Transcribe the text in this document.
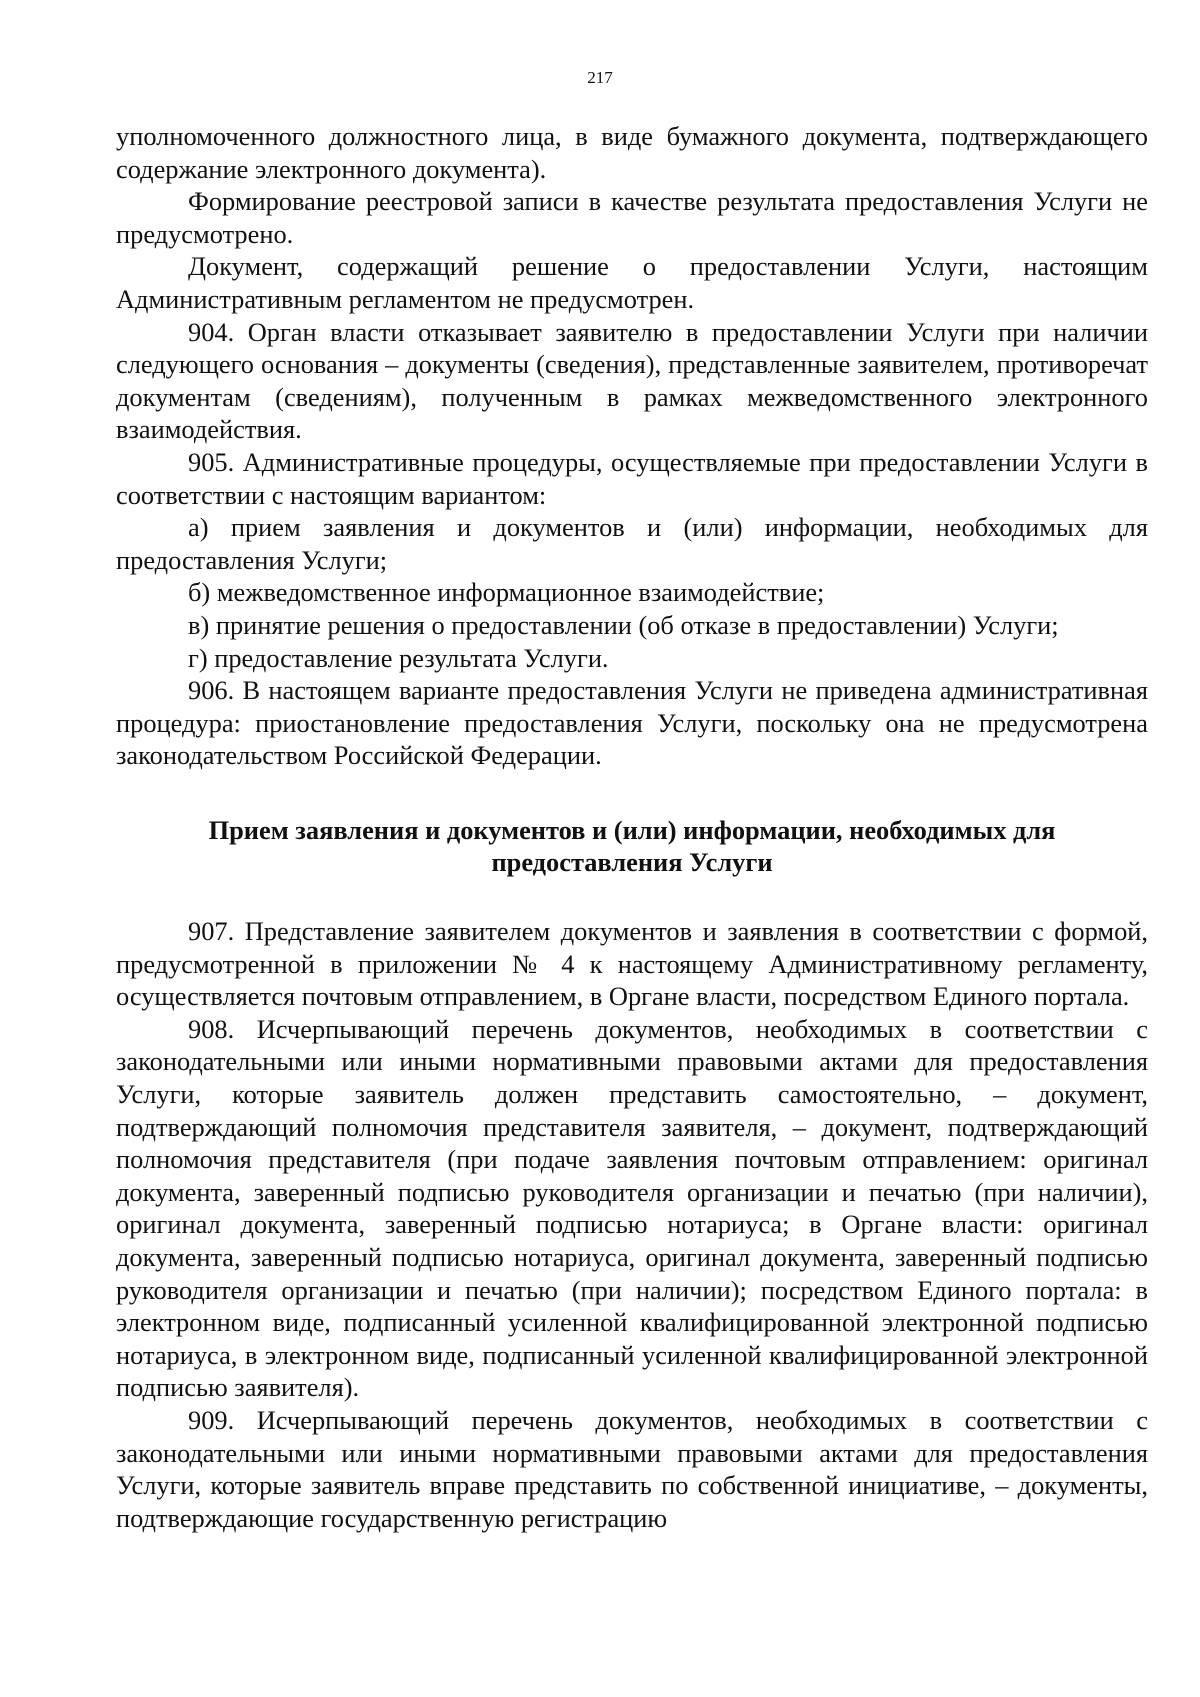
217

уполномоченного должностного лица, в виде бумажного документа, подтверждающего содержание электронного документа).

Формирование реестровой записи в качестве результата предоставления Услуги не предусмотрено.

Документ, содержащий решение о предоставлении Услуги, настоящим Административным регламентом не предусмотрен.

904. Орган власти отказывает заявителю в предоставлении Услуги при наличии следующего основания – документы (сведения), представленные заявителем, противоречат документам (сведениям), полученным в рамках межведомственного электронного взаимодействия.

905. Административные процедуры, осуществляемые при предоставлении Услуги в соответствии с настоящим вариантом:

а) прием заявления и документов и (или) информации, необходимых для предоставления Услуги;

б) межведомственное информационное взаимодействие;

в) принятие решения о предоставлении (об отказе в предоставлении) Услуги;

г) предоставление результата Услуги.

906. В настоящем варианте предоставления Услуги не приведена административная процедура: приостановление предоставления Услуги, поскольку она не предусмотрена законодательством Российской Федерации.

Прием заявления и документов и (или) информации, необходимых для предоставления Услуги

907. Представление заявителем документов и заявления в соответствии с формой, предусмотренной в приложении № 4 к настоящему Административному регламенту, осуществляется почтовым отправлением, в Органе власти, посредством Единого портала.

908. Исчерпывающий перечень документов, необходимых в соответствии с законодательными или иными нормативными правовыми актами для предоставления Услуги, которые заявитель должен представить самостоятельно, – документ, подтверждающий полномочия представителя заявителя, – документ, подтверждающий полномочия представителя (при подаче заявления почтовым отправлением: оригинал документа, заверенный подписью руководителя организации и печатью (при наличии), оригинал документа, заверенный подписью нотариуса; в Органе власти: оригинал документа, заверенный подписью нотариуса, оригинал документа, заверенный подписью руководителя организации и печатью (при наличии); посредством Единого портала: в электронном виде, подписанный усиленной квалифицированной электронной подписью нотариуса, в электронном виде, подписанный усиленной квалифицированной электронной подписью заявителя).

909. Исчерпывающий перечень документов, необходимых в соответствии с законодательными или иными нормативными правовыми актами для предоставления Услуги, которые заявитель вправе представить по собственной инициативе, – документы, подтверждающие государственную регистрацию
